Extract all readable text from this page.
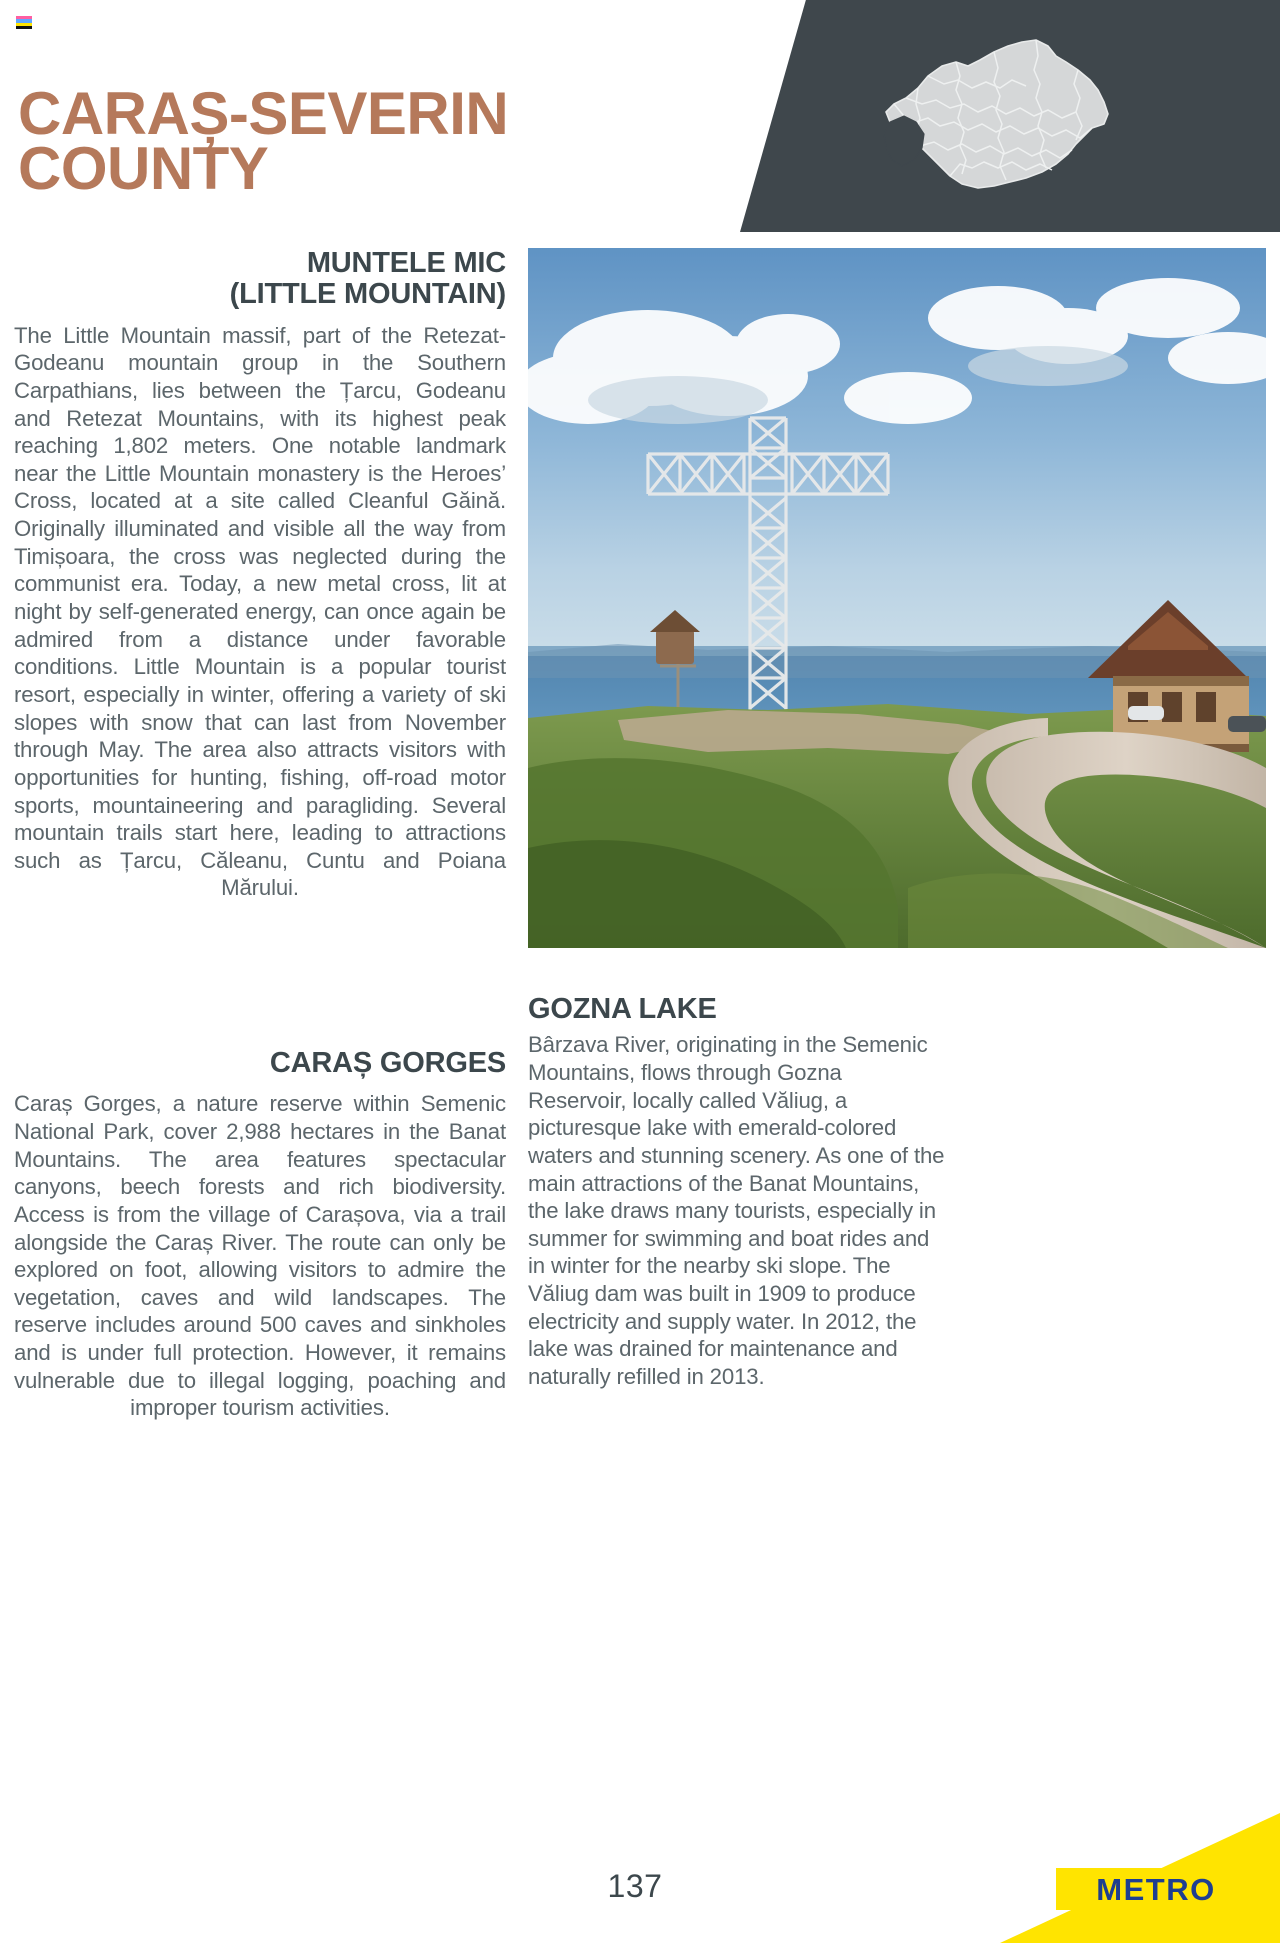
CARAȘ-SEVERIN
COUNTY
MUNTELE MIC
(LITTLE MOUNTAIN)

The Little Mountain massif, part of the Retezat-Godeanu mountain group in the Southern Carpathians, lies between the Țarcu, Godeanu and Retezat Mountains, with its highest peak reaching 1,802 meters. One notable landmark near the Little Mountain monastery is the Heroes’ Cross, located at a site called Cleanful Găină. Originally illuminated and visible all the way from Timișoara, the cross was neglected during the communist era. Today, a new metal cross, lit at night by self-generated energy, can once again be admired from a distance under favorable conditions. Little Mountain is a popular tourist resort, especially in winter, offering a variety of ski slopes with snow that can last from November through May. The area also attracts visitors with opportunities for hunting, fishing, off-road motor sports, mountaineering and paragliding. Several mountain trails start here, leading to attractions such as Țarcu, Căleanu, Cuntu and Poiana Mărului.

CARAȘ GORGES

Caraș Gorges, a nature reserve within Semenic National Park, cover 2,988 hectares in the Banat Mountains. The area features spectacular canyons, beech forests and rich biodiversity. Access is from the village of Carașova, via a trail alongside the Caraș River. The route can only be explored on foot, allowing visitors to admire the vegetation, caves and wild landscapes. The reserve includes around 500 caves and sinkholes and is under full protection. However, it remains vulnerable due to illegal logging, poaching and improper tourism activities.

GOZNA LAKE

Bârzava River, originating in the Semenic Mountains, flows through Gozna Reservoir, locally called Văliug, a picturesque lake with emerald-colored waters and stunning scenery. As one of the main attractions of the Banat Mountains, the lake draws many tourists, especially in summer for swimming and boat rides and in winter for the nearby ski slope. The Văliug dam was built in 1909 to produce electricity and supply water. In 2012, the lake was drained for maintenance and naturally refilled in 2013.

137	METRO
